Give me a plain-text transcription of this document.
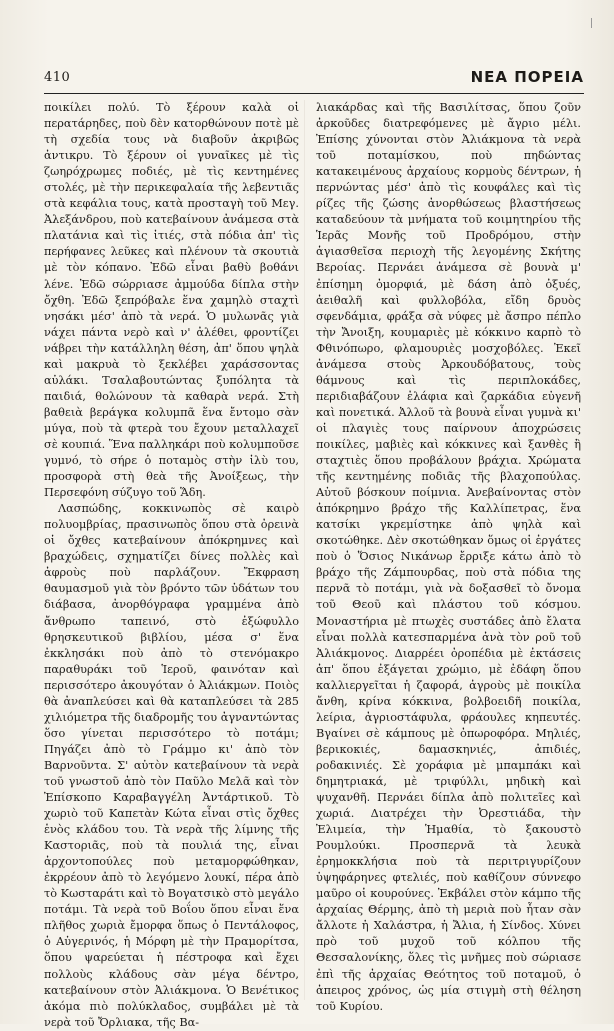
410	ΝΕΑ ΠΟΡΕΙΑ

ποικίλει πολύ. Τὸ ξέρουν καλὰ οἱ περατάρηδες, ποὺ δὲν κατορθώνουν ποτὲ μὲ τὴ σχεδία τους νὰ διαβοῦν ἀκριβῶς ἀντικρυ. Τὸ ξέρουν οἱ γυναῖκες μὲ τὶς ζωηρόχρωμες ποδιές, μὲ τὶς κεντημένες στολές, μὲ τὴν περικεφαλαία τῆς λεβεντιᾶς στὰ κεφάλια τους, κατὰ προσταγὴ τοῦ Μεγ. Ἀλεξάνδρου, ποὺ κατεβαίνουν ἀνάμεσα στὰ πλατάνια καὶ τὶς ἰτιές, στὰ πόδια ἀπ' τὶς περήφανες λεῦκες καὶ πλένουν τὰ σκουτιὰ μὲ τὸν κόπανο. Ἐδῶ εἶναι βαθὺ βοθάνι λένε. Ἐδῶ σώρριασε ἀμμούδα δίπλα στὴν ὄχθη. Ἐδῶ ξεπρόβαλε ἕνα χαμηλὸ σταχτὶ νησάκι μέσ' ἀπὸ τὰ νερά. Ὁ μυλωνᾶς γιὰ νάχει πάντα νερὸ καὶ ν' ἀλέθει, φροντίζει νάβρει τὴν κατάλληλη θέση, ἀπ' ὅπου ψηλὰ καὶ μακρυὰ τὸ ξεκλέβει χαράσσοντας αὐλάκι. Τσαλαβουτώντας ξυπόλητα τὰ παιδιά, θολώνουν τὰ καθαρὰ νερά. Στὴ βαθειὰ βεράγκα κολυμπᾶ ἕνα ἔντομο σὰν μύγα, ποὺ τὰ φτερὰ του ἔχουν μεταλλαχεῖ σὲ κουπιά. Ἕνα παλληκάρι ποὺ κολυμποῦσε γυμνό, τὸ σήρε ὁ ποταμὸς στὴν ἰλὺ του, προσφορὰ στὴ θεὰ τῆς Ἀνοίξεως, τὴν Περσεφόνη σύζυγο τοῦ Ἅδη.

Λασπώδης, κοκκινωπὸς σὲ καιρὸ πολυομβρίας, πρασινωπὸς ὅπου στὰ ὀρεινὰ οἱ ὄχθες κατεβαίνουν ἀπόκρημνες καὶ βραχώδεις, σχηματίζει δίνες πολλὲς καὶ ἀφροὺς ποὺ παρλάζουν. Ἔκφραση θαυμασμοῦ γιὰ τὸν βρόντο τῶν ὑδάτων του διάβασα, ἀνορθόγραφα γραμμένα ἀπὸ ἄνθρωπο ταπεινό, στὸ ἐξώφυλλο θρησκευτικοῦ βιβλίου, μέσα σ' ἕνα ἐκκλησάκι ποὺ ἀπὸ τὸ στενόμακρο παραθυράκι τοῦ Ἱεροῦ, φαινόταν καὶ περισσότερο ἀκουγόταν ὁ Ἀλιάκμων. Ποιὸς θὰ ἀναπλεύσει καὶ θὰ καταπλεύσει τὰ 285 χιλιόμετρα τῆς διαδρομῆς του ἀγναντώντας ὅσο γίνεται περισσότερο τὸ ποτάμι; Πηγάζει ἀπὸ τὸ Γράμμο κι' ἀπὸ τὸν Βαρνοῦντα. Σ' αὐτὸν κατεβαίνουν τὰ νερὰ τοῦ γνωστοῦ ἀπὸ τὸν Παῦλο Μελᾶ καὶ τὸν Ἐπίσκοπο Καραβαγγέλη Ἀντάρτικοῦ. Τὸ χωριὸ τοῦ Καπετὰν Κώτα εἶναι στὶς ὄχθες ἑνὸς κλάδου του. Τὰ νερὰ τῆς λίμνης τῆς Καστοριᾶς, ποὺ τὰ πουλιά της, εἶναι ἀρχοντοπούλες ποὺ μεταμορφώθηκαν, ἐκρρέουν ἀπὸ τὸ λεγόμενο λουκί, πέρα ἀπὸ τὸ Κωσταράτι καὶ τὸ Βογατσικὸ στὸ μεγάλο ποτάμι. Τὰ νερὰ τοῦ Βοΐου ὅπου εἶναι ἕνα πλῆθος χωριὰ ἔμορφα ὅπως ὁ Πεντάλοφος, ὁ Αὐγερινός, ἡ Μόρφη μὲ τὴν Πραμορίτσα, ὅπου ψαρεύεται ἡ πέστροφα καὶ ἔχει πολλοὺς κλάδους σὰν μέγα δέντρο, κατεβαίνουν στὸν Ἀλιάκμονα. Ὁ Βενέτικος ἀκόμα πιὸ πολύκλαδος, συμβάλει μὲ τὰ νερὰ τοῦ Ὄρλιακα, τῆς Βα-

λιακάρδας καὶ τῆς Βασιλίτσας, ὅπου ζοῦν ἀρκοῦδες διατρεφόμενες μὲ ἄγριο μέλι. Ἐπίσης χύνονται στὸν Ἀλιάκμονα τὰ νερὰ τοῦ ποταμίσκου, ποὺ πηδώντας κατακειμένους ἀρχαίους κορμοὺς δέντρων, ἡ περνώντας μέσ' ἀπὸ τὶς κουφάλες καὶ τὶς ρίζες τῆς ζώσης ἀνορθώσεως βλαστήσεως καταδεύουν τὰ μνήματα τοῦ κοιμητηρίου τῆς Ἱερᾶς Μονῆς τοῦ Προδρόμου, στὴν ἁγιασθεῖσα περιοχὴ τῆς λεγομένης Σκήτης Βεροίας. Περνάει ἀνάμεσα σὲ βουνὰ μ' ἐπίσημη ὀμορφιά, μὲ δάση ἀπὸ ὀξυές, ἀειθαλῆ καὶ φυλλοβόλα, εἴδη δρυὸς σφενδάμια, φράξα σὰ νύφες μὲ ἄσπρο πέπλο τὴν Ἄνοιξη, κουμαριὲς μὲ κόκκινο καρπὸ τὸ Φθινόπωρο, φλαμουριὲς μοσχοβόλες. Ἐκεῖ ἀνάμεσα στοὺς Ἀρκουδόβατους, τοὺς θάμνους καὶ τὶς περιπλοκάδες, περιδιαβάζουν ἐλάφια καὶ ζαρκάδια εὐγενῆ καὶ πονετικά. Ἀλλοῦ τὰ βουνὰ εἶναι γυμνὰ κι' οἱ πλαγιὲς τους παίρνουν ἀποχρώσεις ποικίλες, μαβιὲς καὶ κόκκινες καὶ ξανθὲς ἢ σταχτιὲς ὅπου προβάλουν βράχια. Χρώματα τῆς κεντημένης ποδιᾶς τῆς βλαχοπούλας. Αὐτοῦ βόσκουν ποίμνια. Ἀνεβαίνοντας στὸν ἀπόκρημνο βράχο τῆς Καλλίπετρας, ἕνα κατσίκι γκρεμίστηκε ἀπὸ ψηλὰ καὶ σκοτώθηκε. Δὲν σκοτώθηκαν ὅμως οἱ ἐργάτες ποὺ ὁ Ὅσιος Νικάνωρ ἔρριξε κάτω ἀπὸ τὸ βράχο τῆς Ζάμπουρδας, ποὺ στὰ πόδια της περνᾶ τὸ ποτάμι, γιὰ νὰ δοξασθεῖ τὸ ὄνομα τοῦ Θεοῦ καὶ πλάστου τοῦ κόσμου. Μοναστήρια μὲ πτωχὲς συστάδες ἀπὸ ἔλατα εἶναι πολλὰ κατεσπαρμένα ἀνὰ τὸν ροῦ τοῦ Ἀλιάκμονος. Διαρρέει ὀροπέδια μὲ ἐκτάσεις ἀπ' ὅπου ἐξάγεται χρώμιο, μὲ ἐδάφη ὅπου καλλιεργεῖται ἡ ζαφορά, ἀγροὺς μὲ ποικίλα ἄνθη, κρίνα κόκκινα, βολβοειδῆ ποικίλα, λείρια, ἀγριοστάφυλα, φράουλες κηπευτές. Βγαίνει σὲ κάμπους μὲ ὀπωροφόρα. Μηλιές, βερικοκιές, δαμασκηνιές, ἀπιδιές, ροδακινιές. Σὲ χοράφια μὲ μπαμπάκι καὶ δημητριακά, μὲ τριφύλλι, μηδικὴ καὶ ψυχανθῆ. Περνάει δίπλα ἀπὸ πολιτεῖες καὶ χωριά. Διατρέχει τὴν Ὀρεστιάδα, τὴν Ἐλιμεία, τὴν Ἡμαθία, τὸ ξακουστὸ Ρουμλούκι. Προσπερνᾶ τὰ λευκὰ ἐρημοκκλήσια ποὺ τὰ περιτριγυρίζουν ὑψηφάρηνες φτελιές, ποὺ καθίζουν σύννεφο μαῦρο οἱ κουρούνες. Ἐκβάλει στὸν κάμπο τῆς ἀρχαίας Θέρμης, ἀπὸ τὴ μεριὰ ποὺ ἦταν σὰν ἄλλοτε ἡ Χαλάστρα, ἡ Ἄλια, ἡ Σίνδος. Χύνει πρὸ τοῦ μυχοῦ τοῦ κόλπου τῆς Θεσσαλονίκης, ὅλες τὶς μνῆμες ποὺ σώριασε ἐπὶ τῆς ἀρχαίας Θεότητος τοῦ ποταμοῦ, ὁ ἀπειρος χρόνος, ὡς μία στιγμὴ στὴ θέληση τοῦ Κυρίου.
